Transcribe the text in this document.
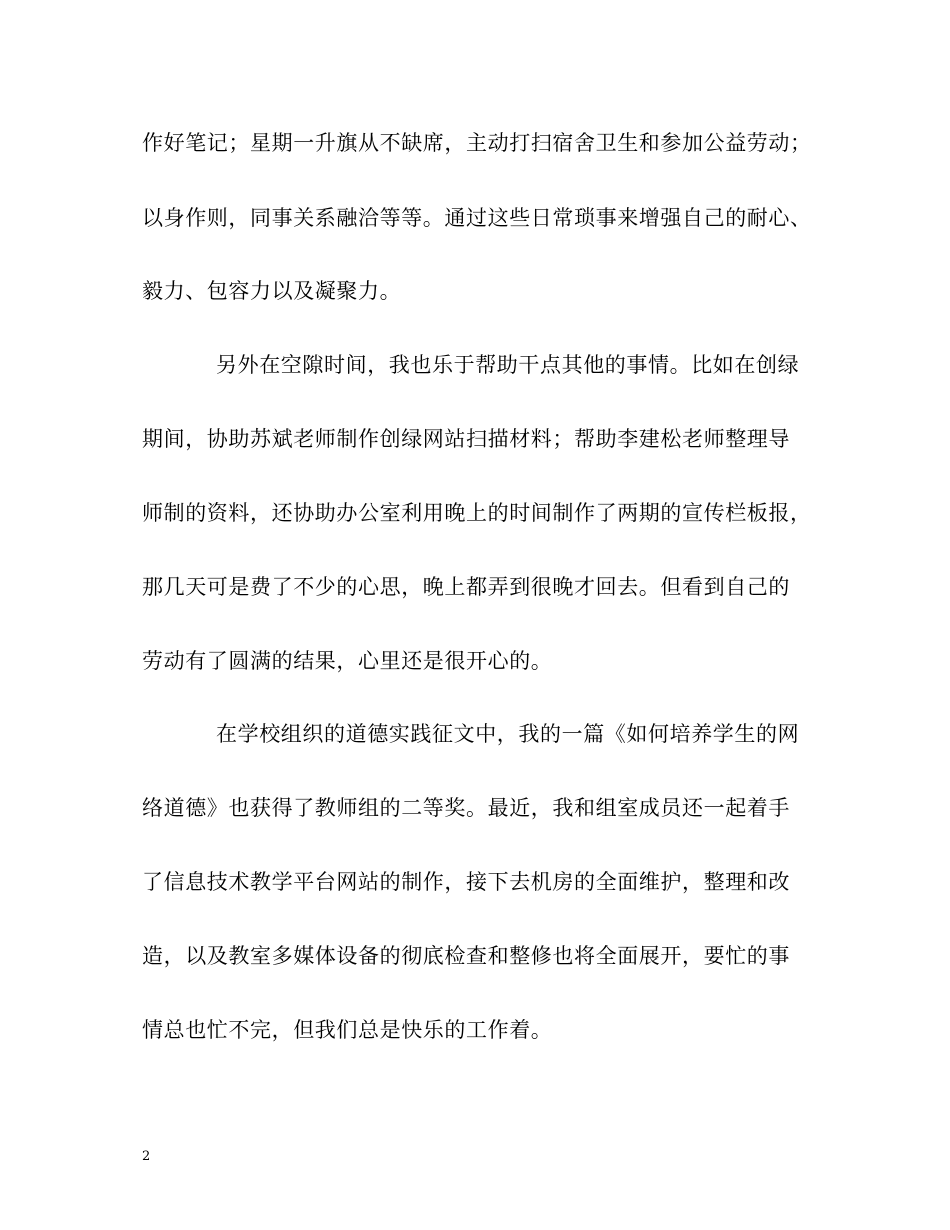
作好笔记；星期一升旗从不缺席，主动打扫宿舍卫生和参加公益劳动；
以身作则，同事关系融洽等等。通过这些日常琐事来增强自己的耐心、
毅力、包容力以及凝聚力。
另外在空隙时间，我也乐于帮助干点其他的事情。比如在创绿
期间，协助苏斌老师制作创绿网站扫描材料；帮助李建松老师整理导
师制的资料，还协助办公室利用晚上的时间制作了两期的宣传栏板报，
那几天可是费了不少的心思，晚上都弄到很晚才回去。但看到自己的
劳动有了圆满的结果，心里还是很开心的。
在学校组织的道德实践征文中，我的一篇《如何培养学生的网
络道德》也获得了教师组的二等奖。最近，我和组室成员还一起着手
了信息技术教学平台网站的制作，接下去机房的全面维护，整理和改
造，以及教室多媒体设备的彻底检查和整修也将全面展开，要忙的事
情总也忙不完，但我们总是快乐的工作着。
2
